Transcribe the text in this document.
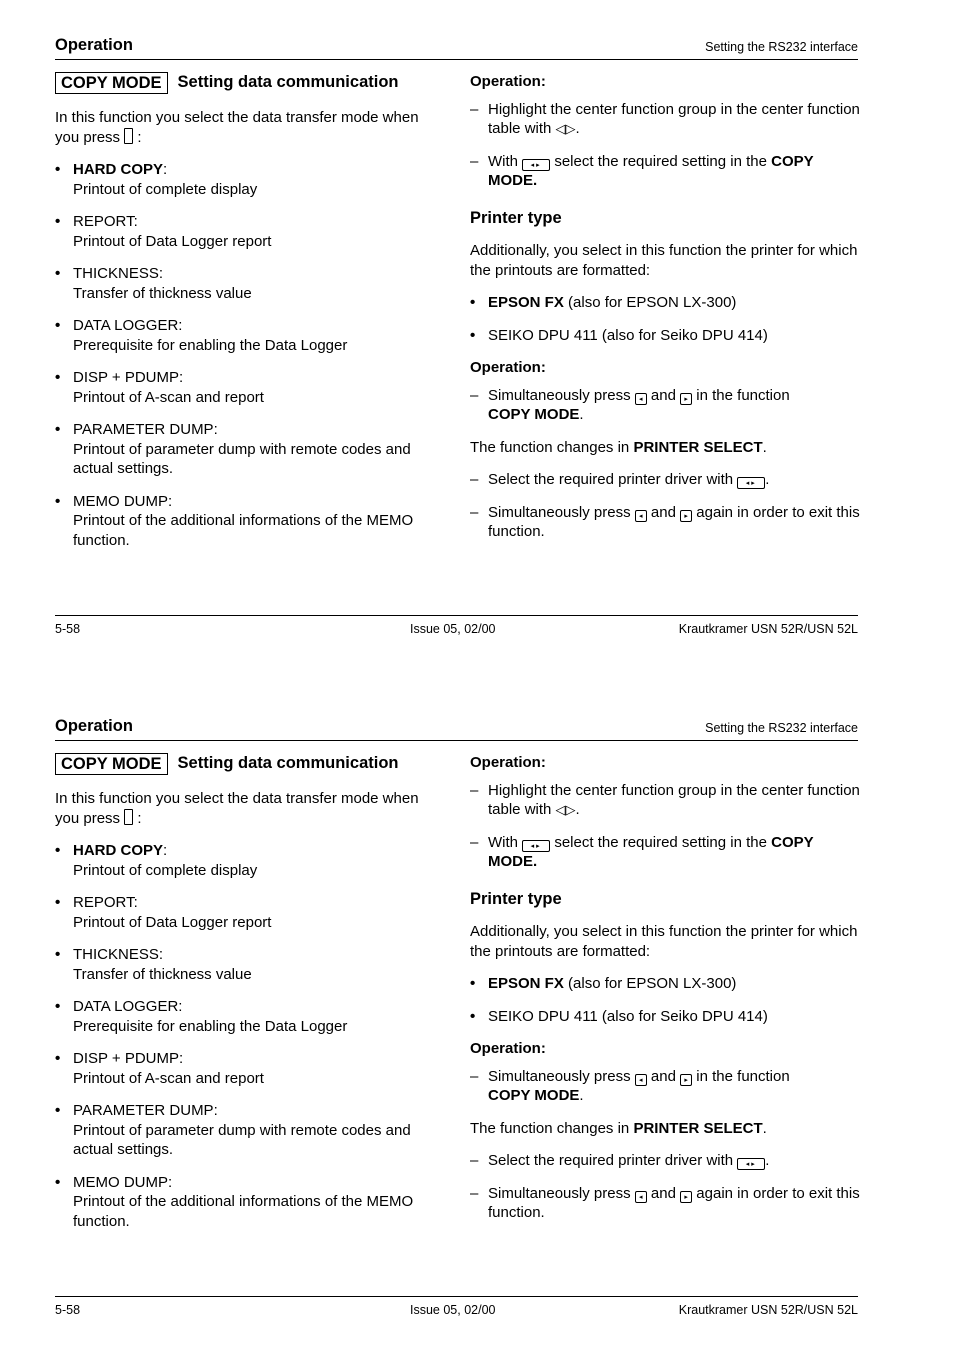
Operation	Setting the RS232 interface
COPY MODE Setting data communication

In this function you select the data transfer mode when
you press :

• HARD COPY:
Printout of complete display
• REPORT:
Printout of Data Logger report
• THICKNESS:
Transfer of thickness value
• DATA LOGGER:
Prerequisite for enabling the Data Logger
• DISP + PDUMP:
Printout of A-scan and report
• PARAMETER DUMP:
Printout of parameter dump with remote codes and actual settings.
• MEMO DUMP:
Printout of the additional informations of the MEMO function.
Operation:
– Highlight the center function group in the center function table with ◁▷.
– With ◂▸ select the required setting in the COPY MODE.
Printer type

Additionally, you select in this function the printer for which the printouts are formatted:

• EPSON FX (also for EPSON LX-300)
• SEIKO DPU 411 (also for Seiko DPU 414)
Operation:
– Simultaneously press ◂ and ▸ in the function
COPY MODE.

The function changes in PRINTER SELECT.

– Select the required printer driver with ◂▸ .
– Simultaneously press ◂ and ▸ again in order to exit this function.
5-58	Issue 05, 02/00	Krautkramer USN 52R/USN 52L
Operation	Setting the RS232 interface
COPY MODE Setting data communication

In this function you select the data transfer mode when
you press :

• HARD COPY:
Printout of complete display
• REPORT:
Printout of Data Logger report
• THICKNESS:
Transfer of thickness value
• DATA LOGGER:
Prerequisite for enabling the Data Logger
• DISP + PDUMP:
Printout of A-scan and report
• PARAMETER DUMP:
Printout of parameter dump with remote codes and actual settings.
• MEMO DUMP:
Printout of the additional informations of the MEMO function.
Operation:
– Highlight the center function group in the center function table with ◁▷.
– With ◂▸ select the required setting in the COPY MODE.
Printer type

Additionally, you select in this function the printer for which the printouts are formatted:

• EPSON FX (also for EPSON LX-300)
• SEIKO DPU 411 (also for Seiko DPU 414)
Operation:
– Simultaneously press ◂ and ▸ in the function
COPY MODE.

The function changes in PRINTER SELECT.

– Select the required printer driver with ◂▸ .
– Simultaneously press ◂ and ▸ again in order to exit this function.
5-58	Issue 05, 02/00	Krautkramer USN 52R/USN 52L
